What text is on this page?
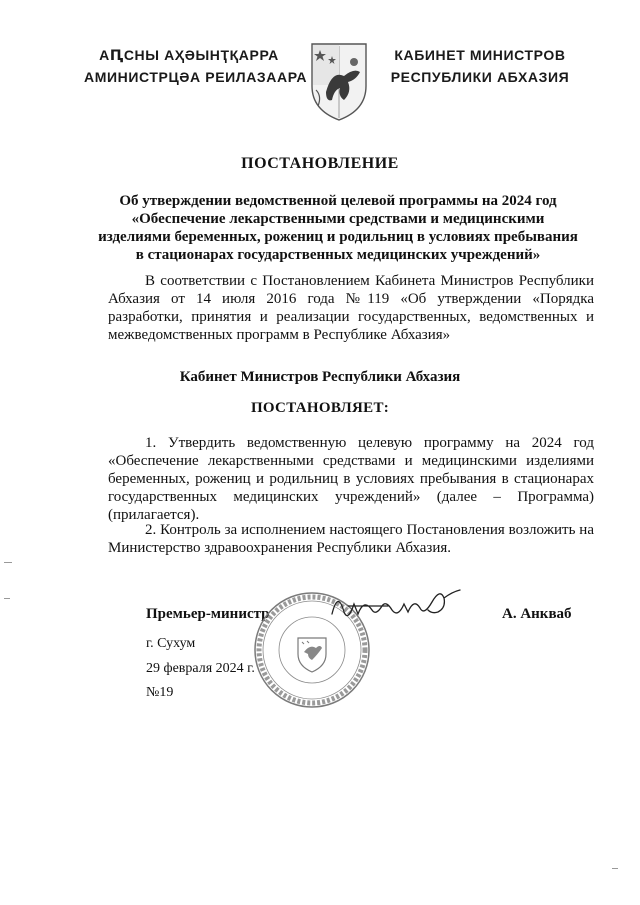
АԤСНЫ АҲӘЫНҬҚАРРА
АМИНИСТРЦӘА РЕИЛАЗААРА
КАБИНЕТ МИНИСТРОВ
РЕСПУБЛИКИ АБХАЗИЯ
ПОСТАНОВЛЕНИЕ
Об утверждении ведомственной целевой программы на 2024 год
«Обеспечение лекарственными средствами и медицинскими
изделиями беременных, рожениц и родильниц в условиях пребывания
в стационарах государственных медицинских учреждений»
В соответствии с Постановлением Кабинета Министров Республики Абхазия от 14 июля 2016 года №119 «Об утверждении «Порядка разработки, принятия и реализации государственных, ведомственных и межведомственных программ в Республике Абхазия»
Кабинет Министров Республики Абхазия
ПОСТАНОВЛЯЕТ:
1. Утвердить ведомственную целевую программу на 2024 год «Обеспечение лекарственными средствами и медицинскими изделиями беременных, рожениц и родильниц в условиях пребывания в стационарах государственных медицинских учреждений» (далее – Программа) (прилагается).
2. Контроль за исполнением настоящего Постановления возложить на Министерство здравоохранения Республики Абхазия.
Премьер-министр	А. Анкваб
г. Сухум
29 февраля 2024 г.
№19
